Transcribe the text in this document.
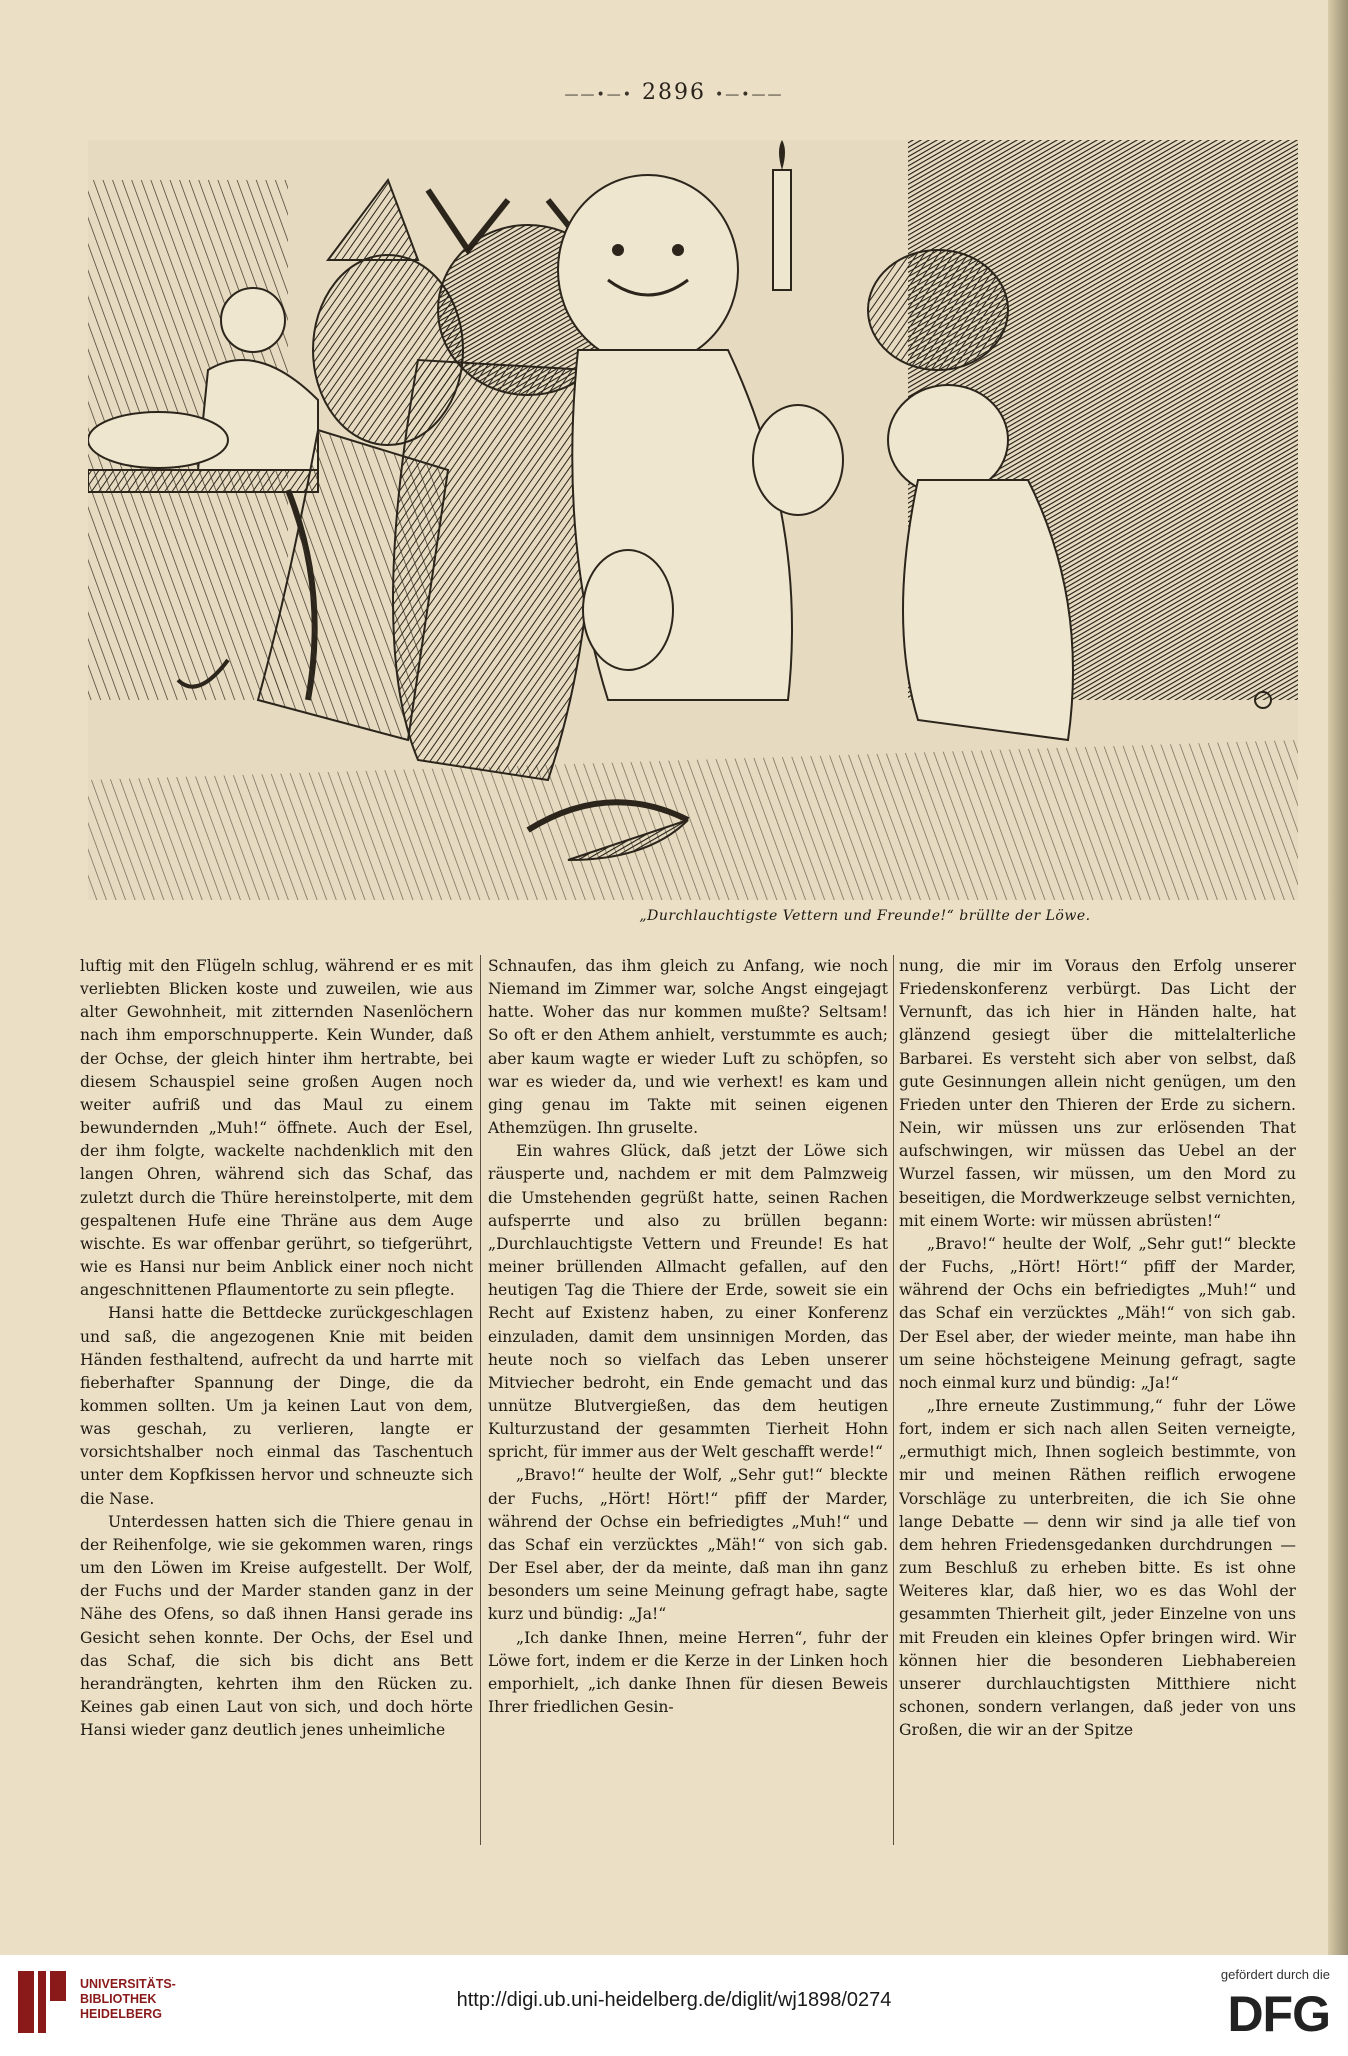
——•—• 2896 •—•——
„Durchlauchtigste Vettern und Freunde!“ brüllte der Löwe.

luftig mit den Flügeln schlug, während er es mit verliebten Blicken koste und zuweilen, wie aus alter Gewohnheit, mit zitternden Nasenlöchern nach ihm emporschnupperte. Kein Wunder, daß der Ochse, der gleich hinter ihm hertrabte, bei diesem Schauspiel seine großen Augen noch weiter aufriß und das Maul zu einem bewundernden „Muh!“ öffnete. Auch der Esel, der ihm folgte, wackelte nachdenklich mit den langen Ohren, während sich das Schaf, das zuletzt durch die Thüre hereinstolperte, mit dem gespaltenen Hufe eine Thräne aus dem Auge wischte. Es war offenbar gerührt, so tiefgerührt, wie es Hansi nur beim Anblick einer noch nicht angeschnittenen Pflaumentorte zu sein pflegte.

Hansi hatte die Bettdecke zurückgeschlagen und saß, die angezogenen Knie mit beiden Händen festhaltend, aufrecht da und harrte mit fieberhafter Spannung der Dinge, die da kommen sollten. Um ja keinen Laut von dem, was geschah, zu verlieren, langte er vorsichtshalber noch einmal das Taschentuch unter dem Kopfkissen hervor und schneuzte sich die Nase.

Unterdessen hatten sich die Thiere genau in der Reihenfolge, wie sie gekommen waren, rings um den Löwen im Kreise aufgestellt. Der Wolf, der Fuchs und der Marder standen ganz in der Nähe des Ofens, so daß ihnen Hansi gerade ins Gesicht sehen konnte. Der Ochs, der Esel und das Schaf, die sich bis dicht ans Bett herandrängten, kehrten ihm den Rücken zu. Keines gab einen Laut von sich, und doch hörte Hansi wieder ganz deutlich jenes unheimliche

Schnaufen, das ihm gleich zu Anfang, wie noch Niemand im Zimmer war, solche Angst eingejagt hatte. Woher das nur kommen mußte? Seltsam! So oft er den Athem anhielt, verstummte es auch; aber kaum wagte er wieder Luft zu schöpfen, so war es wieder da, und wie verhext! es kam und ging genau im Takte mit seinen eigenen Athemzügen. Ihn gruselte.

Ein wahres Glück, daß jetzt der Löwe sich räusperte und, nachdem er mit dem Palmzweig die Umstehenden gegrüßt hatte, seinen Rachen aufsperrte und also zu brüllen begann: „Durchlauchtigste Vettern und Freunde! Es hat meiner brüllenden Allmacht gefallen, auf den heutigen Tag die Thiere der Erde, soweit sie ein Recht auf Existenz haben, zu einer Konferenz einzuladen, damit dem unsinnigen Morden, das heute noch so vielfach das Leben unserer Mitviecher bedroht, ein Ende gemacht und das unnütze Blutvergießen, das dem heutigen Kulturzustand der gesammten Tierheit Hohn spricht, für immer aus der Welt geschafft werde!“

„Bravo!“ heulte der Wolf, „Sehr gut!“ bleckte der Fuchs, „Hört! Hört!“ pfiff der Marder, während der Ochse ein befriedigtes „Muh!“ und das Schaf ein verzücktes „Mäh!“ von sich gab. Der Esel aber, der da meinte, daß man ihn ganz besonders um seine Meinung gefragt habe, sagte kurz und bündig: „Ja!“

„Ich danke Ihnen, meine Herren“, fuhr der Löwe fort, indem er die Kerze in der Linken hoch emporhielt, „ich danke Ihnen für diesen Beweis Ihrer friedlichen Gesin-

nung, die mir im Voraus den Erfolg unserer Friedenskonferenz verbürgt. Das Licht der Vernunft, das ich hier in Händen halte, hat glänzend gesiegt über die mittelalterliche Barbarei. Es versteht sich aber von selbst, daß gute Gesinnungen allein nicht genügen, um den Frieden unter den Thieren der Erde zu sichern. Nein, wir müssen uns zur erlösenden That aufschwingen, wir müssen das Uebel an der Wurzel fassen, wir müssen, um den Mord zu beseitigen, die Mordwerkzeuge selbst vernichten, mit einem Worte: wir müssen abrüsten!“

„Bravo!“ heulte der Wolf, „Sehr gut!“ bleckte der Fuchs, „Hört! Hört!“ pfiff der Marder, während der Ochs ein befriedigtes „Muh!“ und das Schaf ein verzücktes „Mäh!“ von sich gab. Der Esel aber, der wieder meinte, man habe ihn um seine höchsteigene Meinung gefragt, sagte noch einmal kurz und bündig: „Ja!“

„Ihre erneute Zustimmung,“ fuhr der Löwe fort, indem er sich nach allen Seiten verneigte, „ermuthigt mich, Ihnen sogleich bestimmte, von mir und meinen Räthen reiflich erwogene Vorschläge zu unterbreiten, die ich Sie ohne lange Debatte — denn wir sind ja alle tief von dem hehren Friedensgedanken durchdrungen — zum Beschluß zu erheben bitte. Es ist ohne Weiteres klar, daß hier, wo es das Wohl der gesammten Thierheit gilt, jeder Einzelne von uns mit Freuden ein kleines Opfer bringen wird. Wir können hier die besonderen Liebhabereien unserer durchlauchtigsten Mitthiere nicht schonen, sondern verlangen, daß jeder von uns Großen, die wir an der Spitze

UNIVERSITÄTS-
BIBLIOTHEK
HEIDELBERG
http://digi.ub.uni-heidelberg.de/diglit/wj1898/0274
gefördert durch die
DFG
